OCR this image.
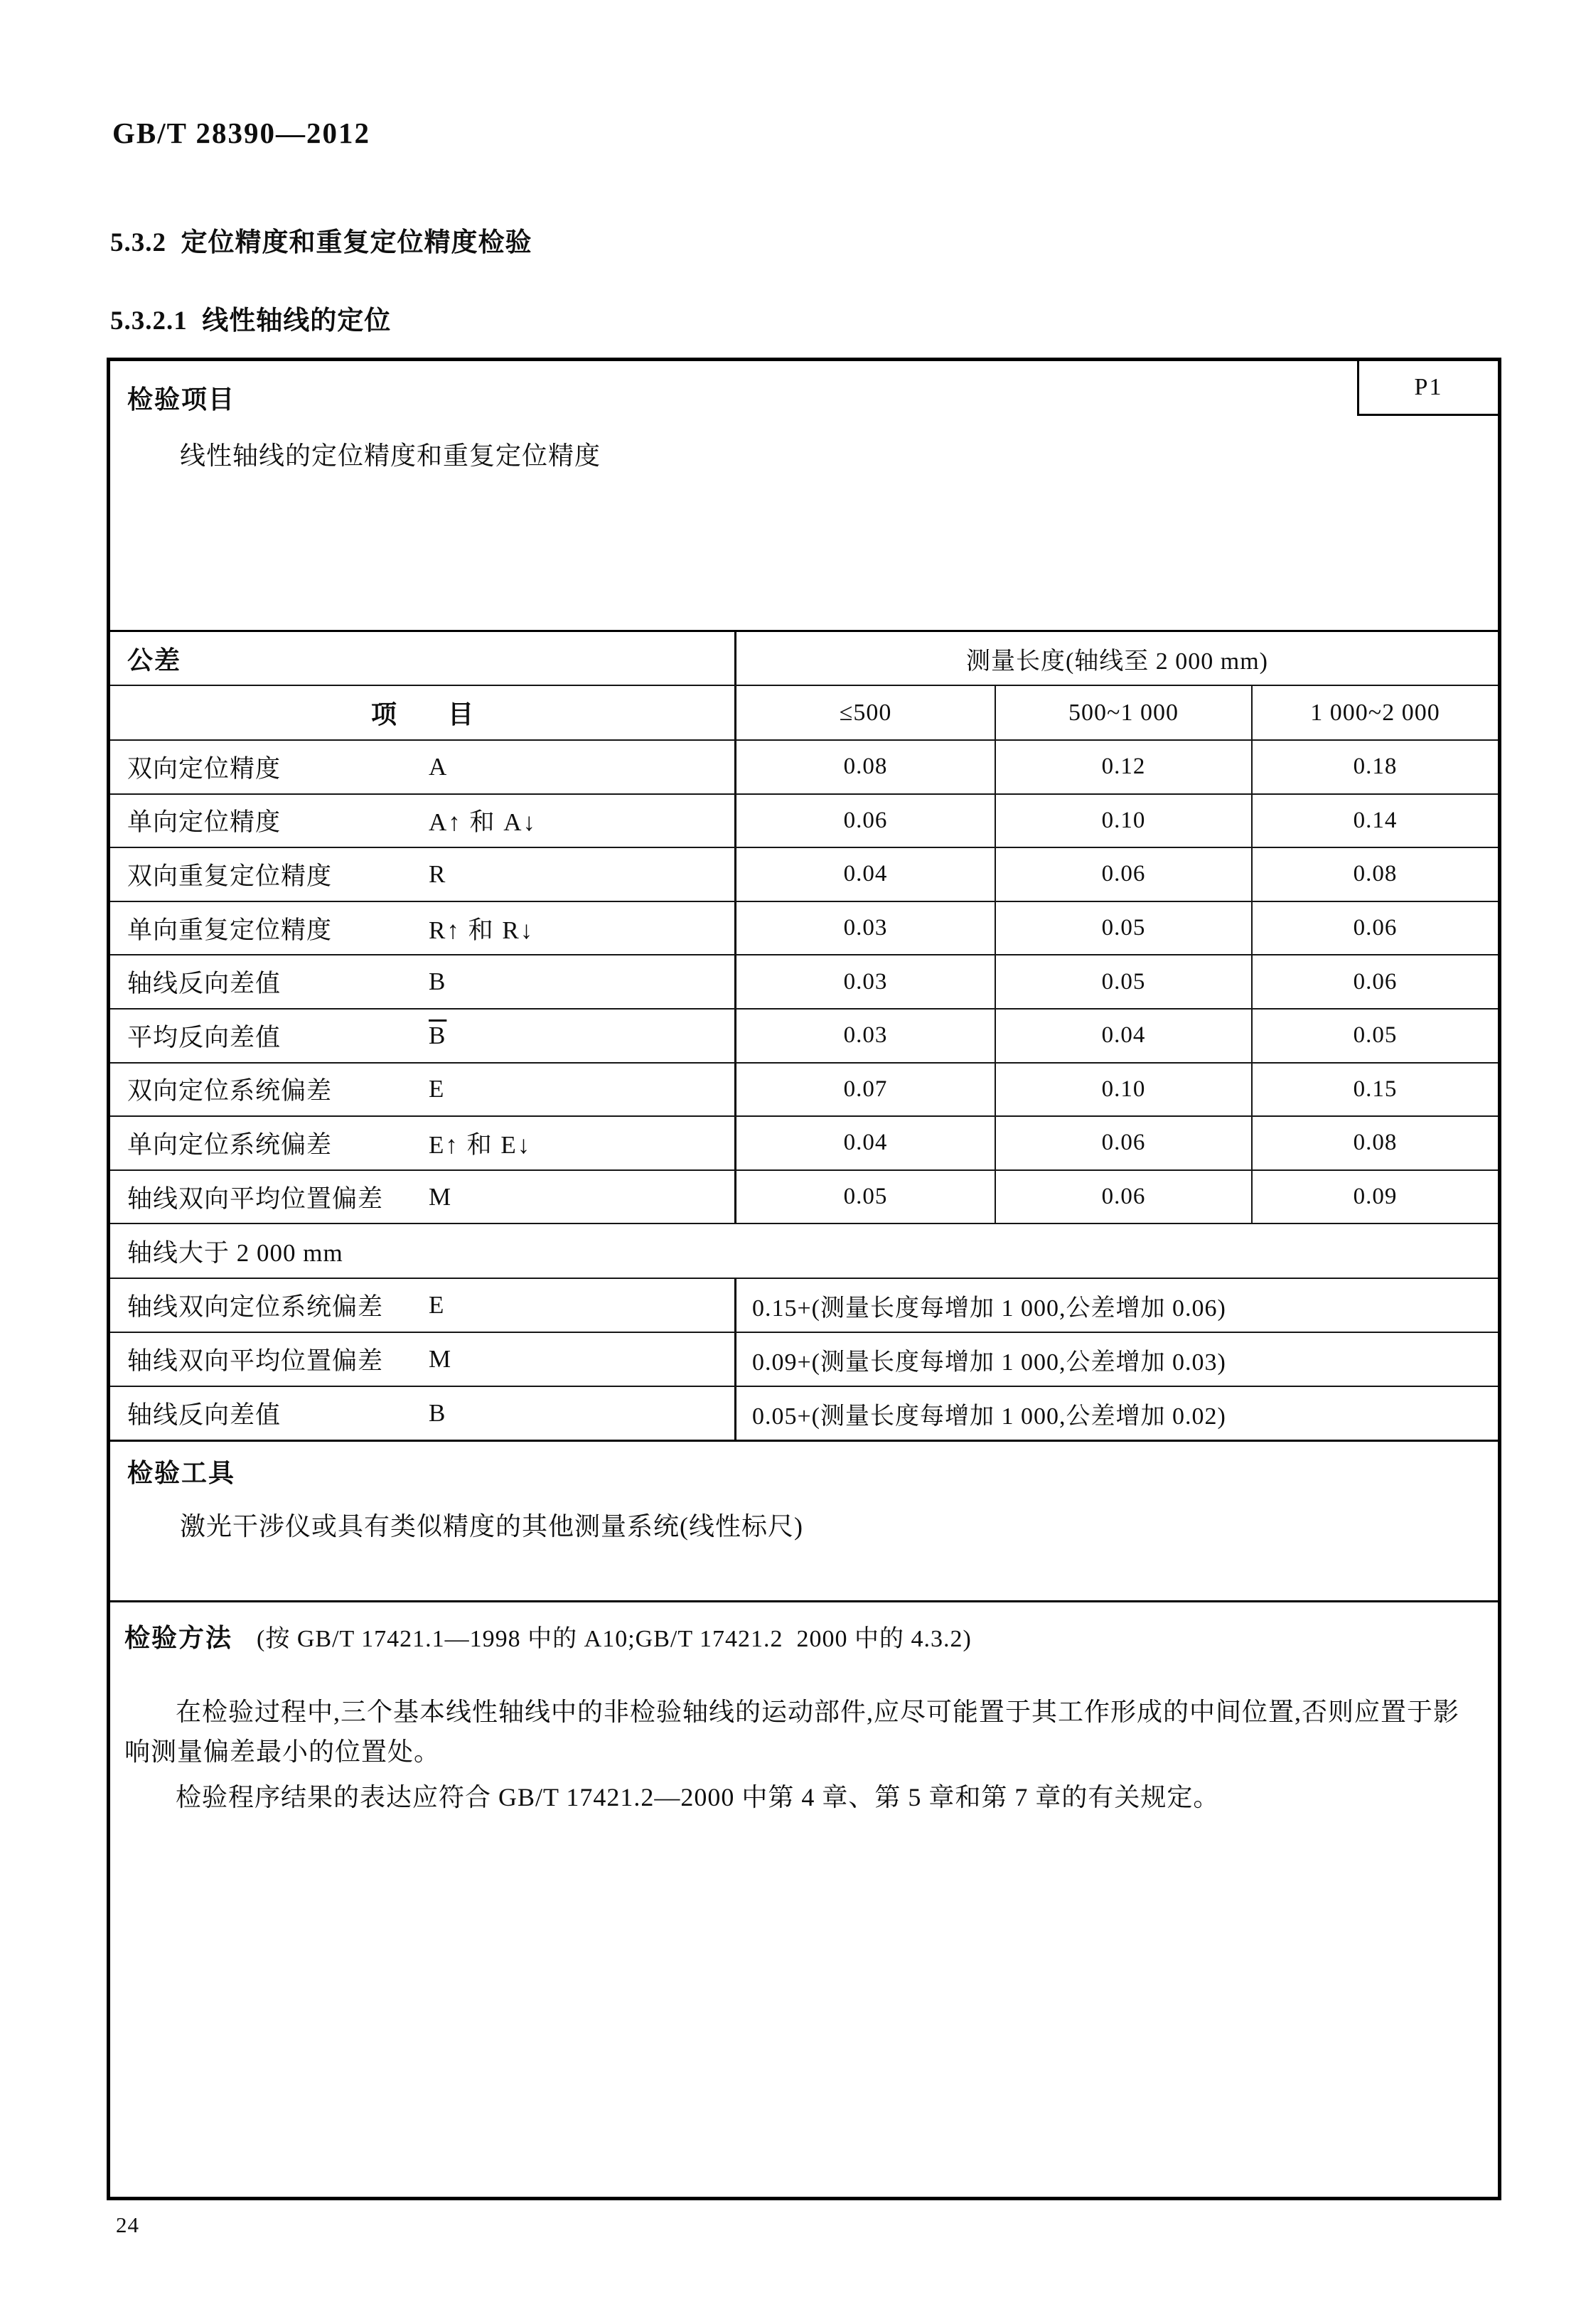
GB/T 28390—2012
5.3.2  定位精度和重复定位精度检验
5.3.2.1  线性轴线的定位
检验项目	P1
线性轴线的定位精度和重复定位精度
公差	测量长度(轴线至 2 000 mm)
项　　目	≤500	500~1 000	1 000~2 000
双向定位精度	A	0.08	0.12	0.18
单向定位精度	A↑ 和 A↓	0.06	0.10	0.14
双向重复定位精度	R	0.04	0.06	0.08
单向重复定位精度	R↑ 和 R↓	0.03	0.05	0.06
轴线反向差值	B	0.03	0.05	0.06
平均反向差值	$\overline{B}$	0.03	0.04	0.05
双向定位系统偏差	E	0.07	0.10	0.15
单向定位系统偏差	E↑ 和 E↓	0.04	0.06	0.08
轴线双向平均位置偏差 M	0.05	0.06	0.09
轴线大于 2 000 mm
轴线双向定位系统偏差 E	0.15+(测量长度每增加 1 000,公差增加 0.06)
轴线双向平均位置偏差 M	0.09+(测量长度每增加 1 000,公差增加 0.03)
轴线反向差值	B	0.05+(测量长度每增加 1 000,公差增加 0.02)
检验工具
激光干涉仪或具有类似精度的其他测量系统(线性标尺)
检验方法 (按 GB/T 17421.1—1998 中的 A10;GB/T 17421.2  2000 中的 4.3.2)

在检验过程中,三个基本线性轴线中的非检验轴线的运动部件,应尽可能置于其工作形成的中间位置,否则应置于影响测量偏差最小的位置处。

检验程序结果的表达应符合 GB/T 17421.2—2000 中第 4 章、第 5 章和第 7 章的有关规定。

24
